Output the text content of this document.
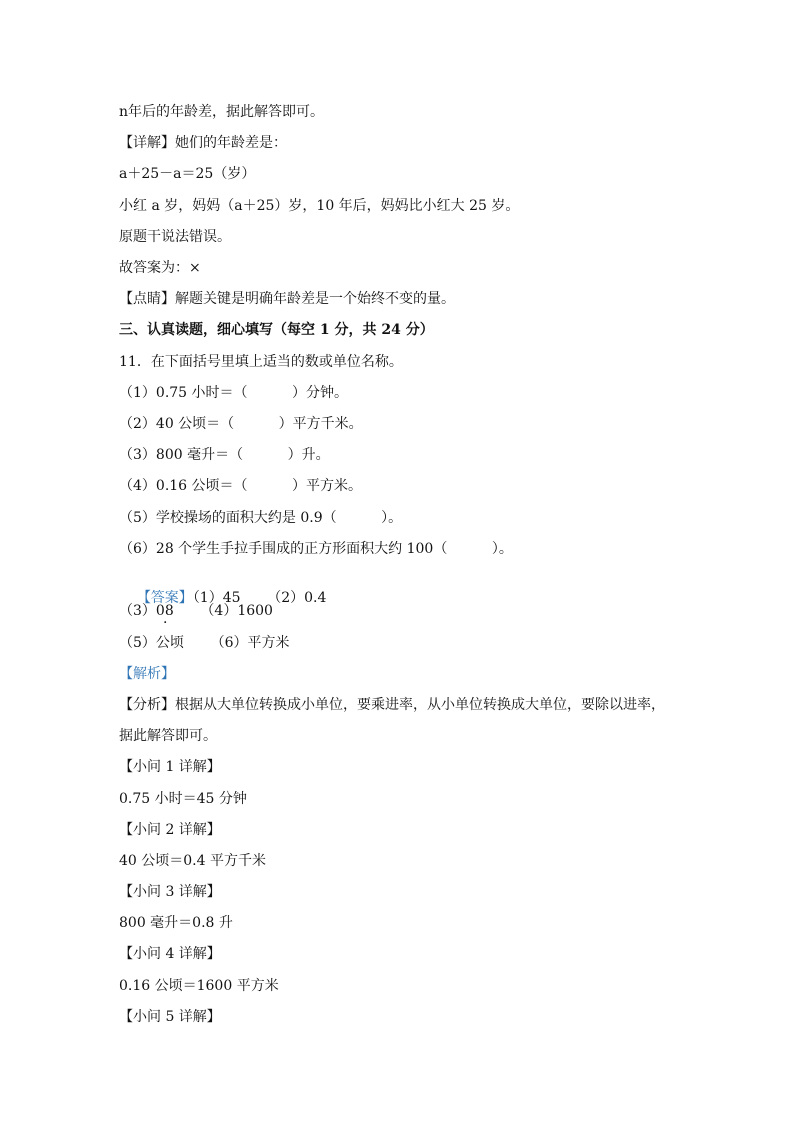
n年后的年龄差，据此解答即可。
【详解】她们的年龄差是：
a＋25－a＝25（岁）
小红 a 岁，妈妈（a＋25）岁，10 年后，妈妈比小红大 25 岁。
原题干说法错误。
故答案为：×
【点睛】解题关键是明确年龄差是一个始终不变的量。
三、认真读题，细心填写（每空 1 分，共 24 分）
11．在下面括号里填上适当的数或单位名称。
（1）0.75 小时＝（          ）分钟。
（2）40 公顷＝（          ）平方千米。
（3）800 毫升＝（          ）升。
（4）0.16 公顷＝（          ）平方米。
（5）学校操场的面积大约是 0.9（          ）。
（6）28 个学生手拉手围成的正方形面积大约 100（          ）。

【答案】（1）45      （2）0.4

（3）08      （4）1600
·
（5）公顷      （6）平方米
【解析】
【分析】根据从大单位转换成小单位，要乘进率，从小单位转换成大单位，要除以进率，
据此解答即可。
【小问 1 详解】
0.75 小时＝45 分钟
【小问 2 详解】
40 公顷＝0.4 平方千米
【小问 3 详解】
800 毫升＝0.8 升
【小问 4 详解】
0.16 公顷＝1600 平方米
【小问 5 详解】
